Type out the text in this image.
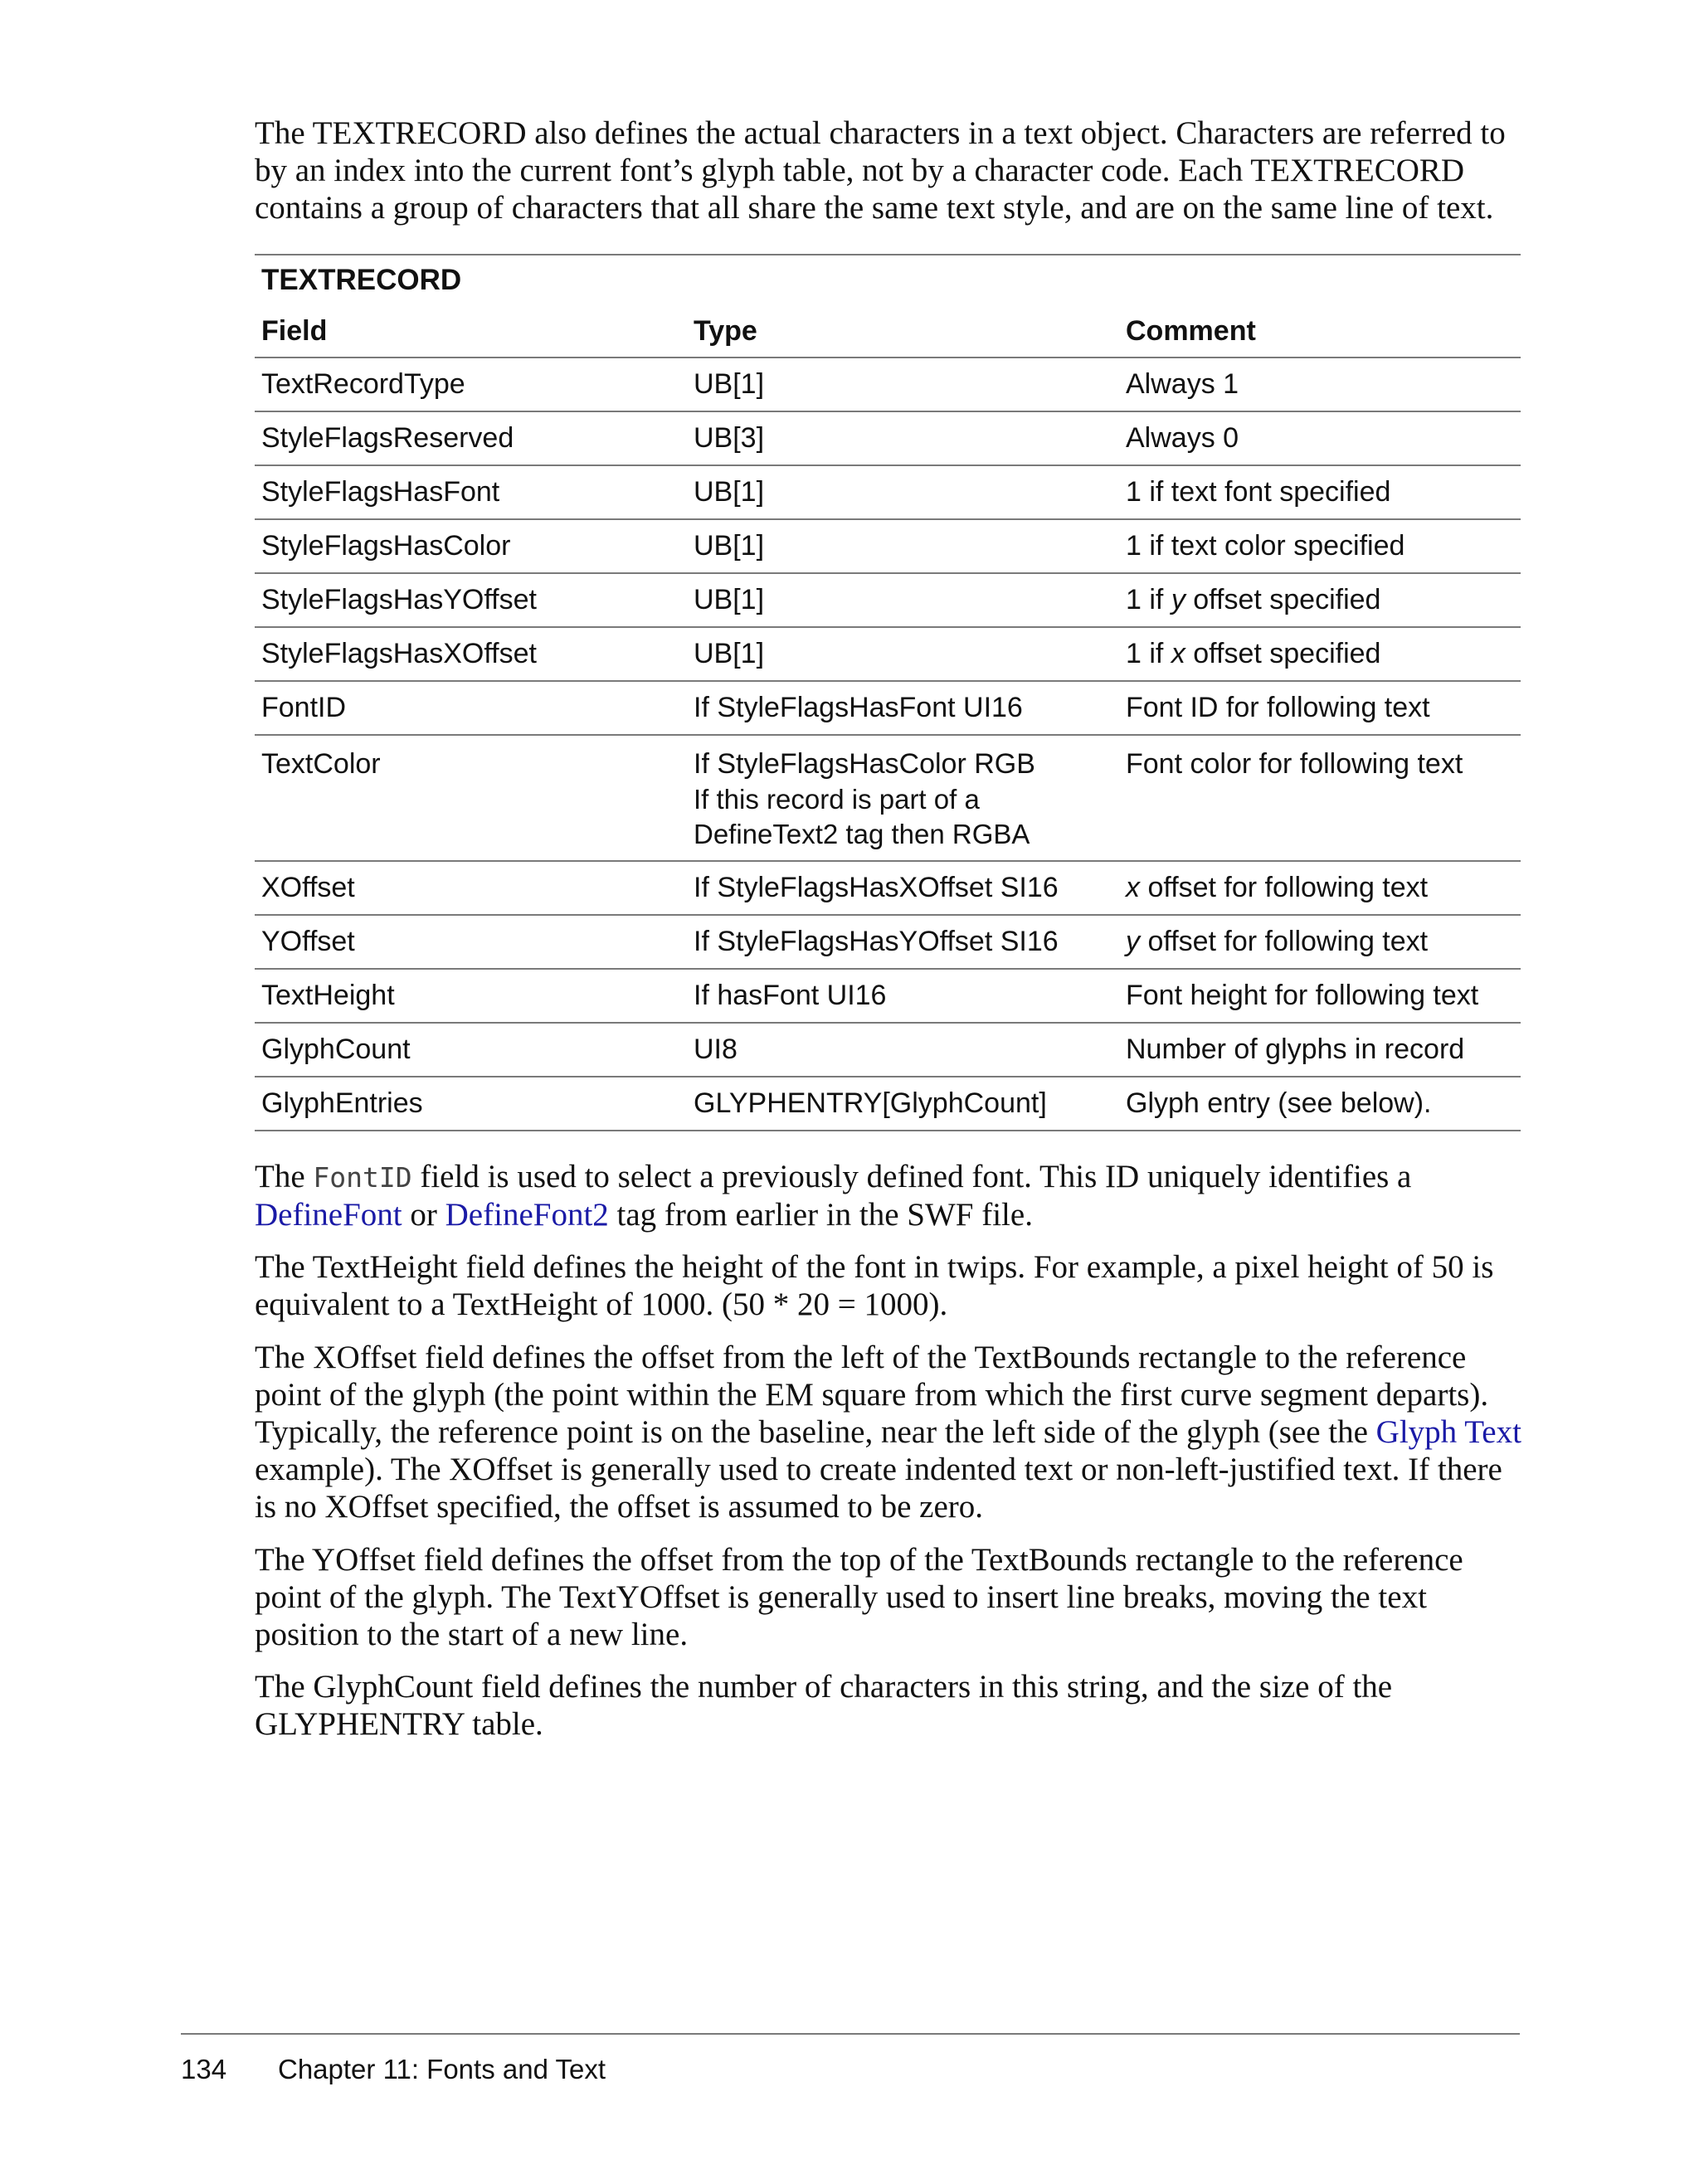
The TEXTRECORD also defines the actual characters in a text object. Characters are referred to by an index into the current font’s glyph table, not by a character code. Each TEXTRECORD contains a group of characters that all share the same text style, and are on the same line of text.

TEXTRECORD
Field	Type	Comment
TextRecordType	UB[1]	Always 1
StyleFlagsReserved	UB[3]	Always 0
StyleFlagsHasFont	UB[1]	1 if text font specified
StyleFlagsHasColor	UB[1]	1 if text color specified
StyleFlagsHasYOffset	UB[1]	1 if y offset specified
StyleFlagsHasXOffset	UB[1]	1 if x offset specified
FontID	If StyleFlagsHasFont UI16	Font ID for following text
TextColor	If StyleFlagsHasColor RGB
If this record is part of a
DefineText2 tag then RGBA	Font color for following text
XOffset	If StyleFlagsHasXOffset SI16	x offset for following text
YOffset	If StyleFlagsHasYOffset SI16	y offset for following text
TextHeight	If hasFont UI16	Font height for following text
GlyphCount	UI8	Number of glyphs in record
GlyphEntries	GLYPHENTRY[GlyphCount]	Glyph entry (see below).

The FontID field is used to select a previously defined font. This ID uniquely identifies a DefineFont or DefineFont2 tag from earlier in the SWF file.

The TextHeight field defines the height of the font in twips. For example, a pixel height of 50 is equivalent to a TextHeight of 1000. (50 * 20 = 1000).

The XOffset field defines the offset from the left of the TextBounds rectangle to the reference point of the glyph (the point within the EM square from which the first curve segment departs). Typically, the reference point is on the baseline, near the left side of the glyph (see the Glyph Text example). The XOffset is generally used to create indented text or non-left-justified text. If there is no XOffset specified, the offset is assumed to be zero.

The YOffset field defines the offset from the top of the TextBounds rectangle to the reference point of the glyph. The TextYOffset is generally used to insert line breaks, moving the text position to the start of a new line.

The GlyphCount field defines the number of characters in this string, and the size of the GLYPHENTRY table.

134 Chapter 11: Fonts and Text
